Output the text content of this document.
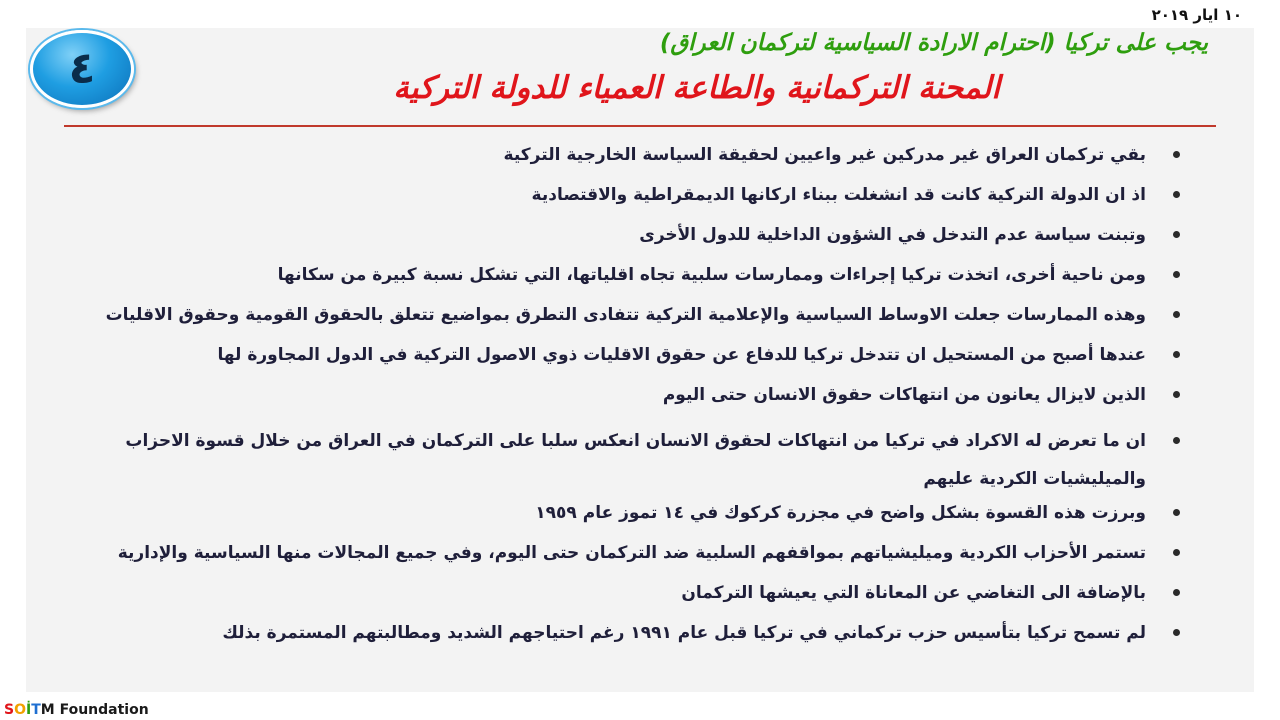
١٠ ايار ٢٠١٩
٤	يجب على تركيا (احترام الارادة السياسية لتركمان العراق)
المحنة التركمانية والطاعة العمياء للدولة التركية
بقي تركمان العراق غير مدركين غير واعيين لحقيقة السياسة الخارجية التركية
اذ ان الدولة التركية كانت قد انشغلت ببناء اركانها الديمقراطية والاقتصادية
وتبنت سياسة عدم التدخل في الشؤون الداخلية للدول الأخرى
ومن ناحية أخرى، اتخذت تركيا إجراءات وممارسات سلبية تجاه اقلياتها، التي تشكل نسبة كبيرة من سكانها
وهذه الممارسات جعلت الاوساط السياسية والإعلامية التركية تتفادى التطرق بمواضيع تتعلق بالحقوق القومية وحقوق الاقليات
عندها أصبح من المستحيل ان تتدخل تركيا للدفاع عن حقوق الاقليات ذوي الاصول التركية في الدول المجاورة لها
الذين لايزال يعانون من انتهاكات حقوق الانسان حتى اليوم
ان ما تعرض له الاكراد في تركيا من انتهاكات لحقوق الانسان انعكس سلبا على التركمان في العراق من خلال قسوة الاحزاب والميليشيات الكردية عليهم
وبرزت هذه القسوة بشكل واضح في مجزرة كركوك في ١٤ تموز عام ١٩٥٩
تستمر الأحزاب الكردية وميليشياتهم بمواقفهم السلبية ضد التركمان حتى اليوم، وفي جميع المجالات منها السياسية والإدارية
بالإضافة الى التغاضي عن المعاناة التي يعيشها التركمان
لم تسمح تركيا بتأسيس حزب تركماني في تركيا قبل عام ١٩٩١ رغم احتياجهم الشديد ومطالبتهم المستمرة بذلك
SOİTM Foundation
